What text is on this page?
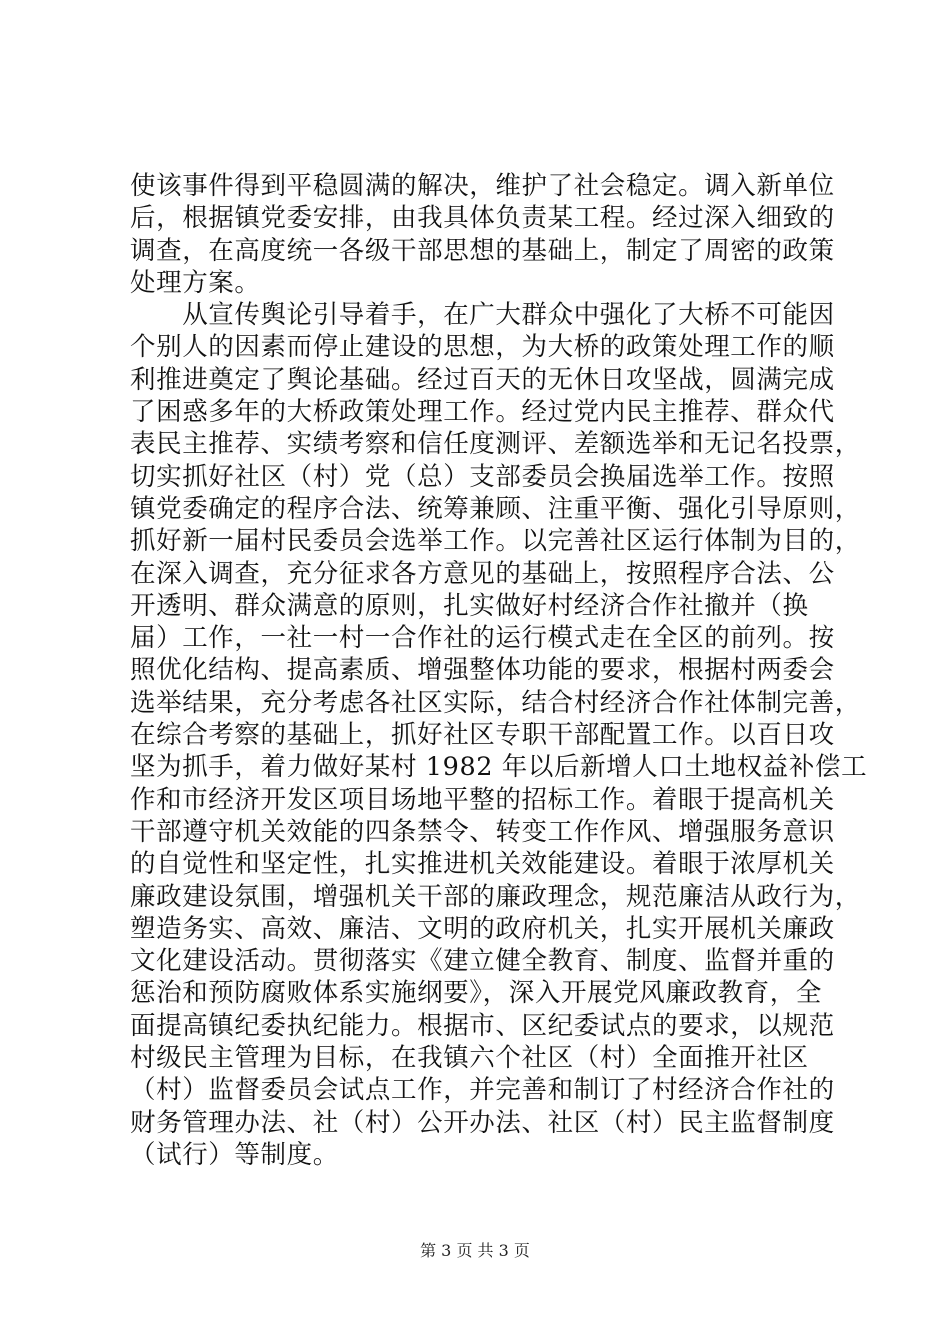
使该事件得到平稳圆满的解决，维护了社会稳定。调入新单位
后，根据镇党委安排，由我具体负责某工程。经过深入细致的
调查，在高度统一各级干部思想的基础上，制定了周密的政策
处理方案。
　　从宣传舆论引导着手，在广大群众中强化了大桥不可能因
个别人的因素而停止建设的思想，为大桥的政策处理工作的顺
利推进奠定了舆论基础。经过百天的无休日攻坚战，圆满完成
了困惑多年的大桥政策处理工作。经过党内民主推荐、群众代
表民主推荐、实绩考察和信任度测评、差额选举和无记名投票，
切实抓好社区（村）党（总）支部委员会换届选举工作。按照
镇党委确定的程序合法、统筹兼顾、注重平衡、强化引导原则，
抓好新一届村民委员会选举工作。以完善社区运行体制为目的，
在深入调查，充分征求各方意见的基础上，按照程序合法、公
开透明、群众满意的原则，扎实做好村经济合作社撤并（换
届）工作，一社一村一合作社的运行模式走在全区的前列。按
照优化结构、提高素质、增强整体功能的要求，根据村两委会
选举结果，充分考虑各社区实际，结合村经济合作社体制完善，
在综合考察的基础上，抓好社区专职干部配置工作。以百日攻
坚为抓手，着力做好某村 1982 年以后新增人口土地权益补偿工
作和市经济开发区项目场地平整的招标工作。着眼于提高机关
干部遵守机关效能的四条禁令、转变工作作风、增强服务意识
的自觉性和坚定性，扎实推进机关效能建设。着眼于浓厚机关
廉政建设氛围，增强机关干部的廉政理念，规范廉洁从政行为，
塑造务实、高效、廉洁、文明的政府机关，扎实开展机关廉政
文化建设活动。贯彻落实《建立健全教育、制度、监督并重的
惩治和预防腐败体系实施纲要》，深入开展党风廉政教育，全
面提高镇纪委执纪能力。根据市、区纪委试点的要求，以规范
村级民主管理为目标，在我镇六个社区（村）全面推开社区
（村）监督委员会试点工作，并完善和制订了村经济合作社的
财务管理办法、社（村）公开办法、社区（村）民主监督制度
（试行）等制度。
第 3 页 共 3 页
